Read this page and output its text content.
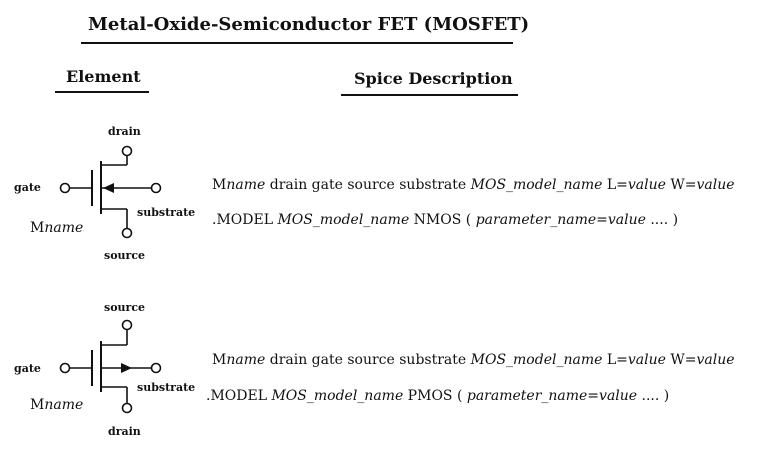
Metal-Oxide-Semiconductor FET (MOSFET)
Element	Spice Description
drain
gate
substrate
Mname
source
Mname drain gate source substrate MOS_model_name L=value W=value
.MODEL MOS_model_name NMOS ( parameter_name=value .... )
source
gate
substrate
Mname
drain
Mname drain gate source substrate MOS_model_name L=value W=value
.MODEL MOS_model_name PMOS ( parameter_name=value .... )
